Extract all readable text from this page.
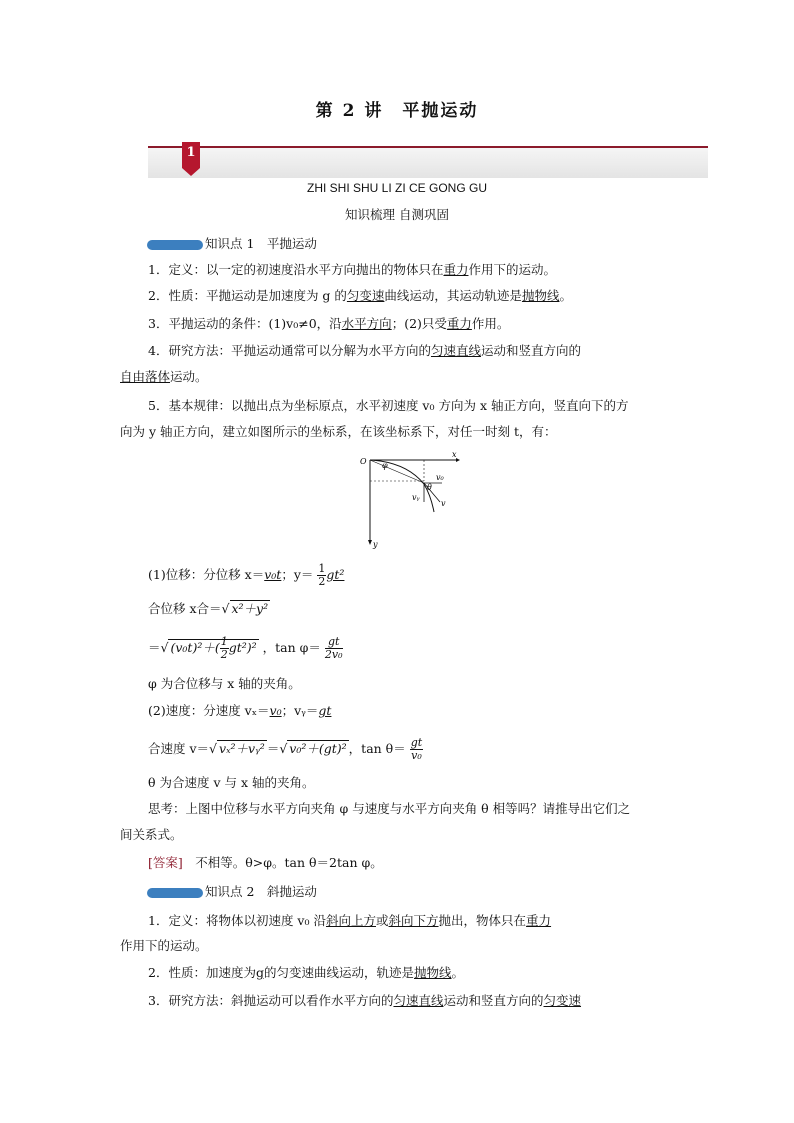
第 2 讲　平抛运动
1
ZHI SHI SHU LI ZI CE GONG GU
知识梳理 自测巩固
知识点 1　平抛运动
1．定义：以一定的初速度沿水平方向抛出的物体只在重力作用下的运动。
2．性质：平抛运动是加速度为 g 的匀变速曲线运动，其运动轨迹是抛物线。
3．平抛运动的条件：(1)v₀≠0，沿水平方向；(2)只受重力作用。
4．研究方法：平抛运动通常可以分解为水平方向的匀速直线运动和竖直方向的
自由落体运动。
5．基本规律：以抛出点为坐标原点，水平初速度 v₀ 方向为 x 轴正方向，竖直向下的方
向为 y 轴正方向，建立如图所示的坐标系，在该坐标系下，对任一时刻 t，有：
O
x
y
φ
θ
v₀
vᵧ
v
(1)位移：分位移 x＝v₀t；$y= \frac{1}{2} gt^2$
合位移 x合＝√ x²＋y²
＝√ $(v_0t)^2+( \frac{1}{2} gt^2)^2$ ，$\tan \varphi= \frac{gt}{\text{2v₀}}$
φ 为合位移与 x 轴的夹角。
(2)速度：分速度 vₓ＝v₀；vᵧ＝gt
合速度 v＝√ vₓ²＋vᵧ² ＝√ v₀²＋(gt)² ，$\tan \theta= \frac{gt}{\text{v₀}}$
θ 为合速度 v 与 x 轴的夹角。
思考：上图中位移与水平方向夹角 φ 与速度与水平方向夹角 θ 相等吗？请推导出它们之
间关系式。
[答案]　 不相等。θ>φ。tan θ＝2tan φ。
知识点 2　斜抛运动
1．定义：将物体以初速度 v₀ 沿斜向上方或斜向下方抛出，物体只在重力
作用下的运动。
2．性质：加速度为g的匀变速曲线运动，轨迹是抛物线。
3．研究方法：斜抛运动可以看作水平方向的匀速直线运动和竖直方向的匀变速
